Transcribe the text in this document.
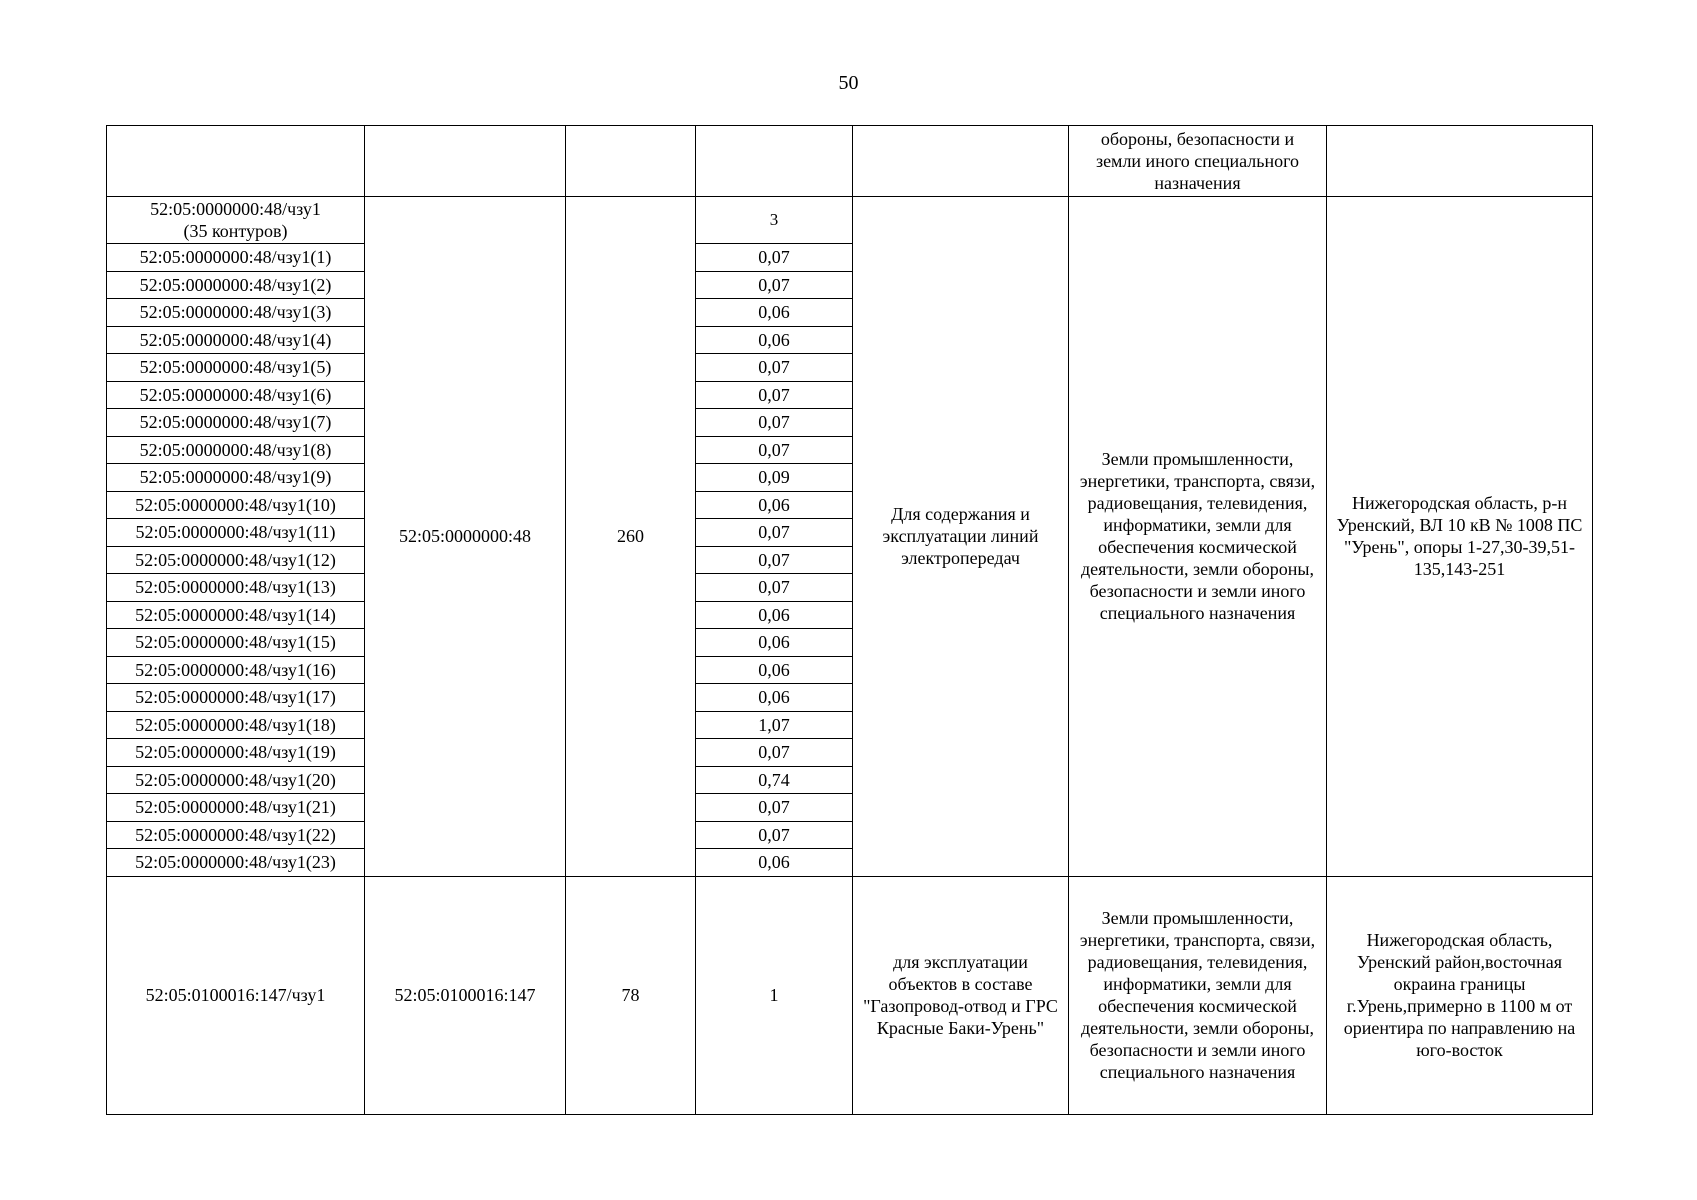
50
					обороны, безопасности и
земли иного специального
назначения	
52:05:0000000:48/чзу1
(35 контуров)	52:05:0000000:48	260	3	Для содержания и эксплуатации линий электропередач	Земли промышленности, энергетики, транспорта, связи, радиовещания, телевидения, информатики, земли для обеспечения космической деятельности, земли обороны, безопасности и земли иного специального назначения	Нижегородская область, р-н Уренский, ВЛ 10 кВ № 1008 ПС "Урень", опоры 1-27,30-39,51-135,143-251
52:05:0000000:48/чзу1(1)			0,07			
52:05:0000000:48/чзу1(2)			0,07			
52:05:0000000:48/чзу1(3)			0,06			
52:05:0000000:48/чзу1(4)			0,06			
52:05:0000000:48/чзу1(5)			0,07			
52:05:0000000:48/чзу1(6)			0,07			
52:05:0000000:48/чзу1(7)			0,07			
52:05:0000000:48/чзу1(8)			0,07			
52:05:0000000:48/чзу1(9)			0,09			
52:05:0000000:48/чзу1(10)			0,06			
52:05:0000000:48/чзу1(11)			0,07			
52:05:0000000:48/чзу1(12)			0,07			
52:05:0000000:48/чзу1(13)			0,07			
52:05:0000000:48/чзу1(14)			0,06			
52:05:0000000:48/чзу1(15)			0,06			
52:05:0000000:48/чзу1(16)			0,06			
52:05:0000000:48/чзу1(17)			0,06			
52:05:0000000:48/чзу1(18)			1,07			
52:05:0000000:48/чзу1(19)			0,07			
52:05:0000000:48/чзу1(20)			0,74			
52:05:0000000:48/чзу1(21)			0,07			
52:05:0000000:48/чзу1(22)			0,07			
52:05:0000000:48/чзу1(23)			0,06			
52:05:0100016:147/чзу1	52:05:0100016:147	78	1	для эксплуатации объектов в составе "Газопровод-отвод и ГРС Красные Баки-Урень"	Земли промышленности, энергетики, транспорта, связи, радиовещания, телевидения, информатики, земли для обеспечения космической деятельности, земли обороны, безопасности и земли иного специального назначения	Нижегородская область, Уренский район,восточная окраина границы г.Урень,примерно в 1100 м от ориентира по направлению на юго-восток
